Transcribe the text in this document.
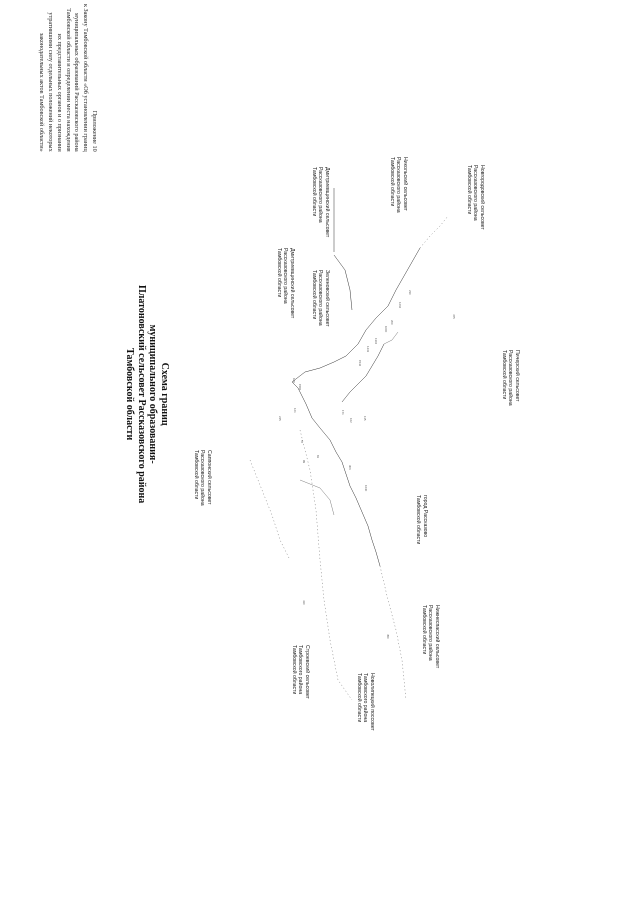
Приложение 10
к Закону Тамбовской области «Об установлении границ
муниципальных образований Рассказовского района
Тамбовской области и определении места нахождения
их представительных органов и о признании
утратившими силу отдельных положений некоторых
законодательных актов Тамбовской области»
Схема границ
муниципального образования-
Платоновский сельсовет Рассказовского района
Тамбовской области
Дмитриевщинский сельсовет
Рассказовского района
Тамбовской области
Дмитриевщинский сельсовет
Рассказовского района
Тамбовской области
Никольский сельсовет
Рассказовского района
Тамбовской области
Зеленовский сельсовет
Рассказовского района
Тамбовской области
Новгородовский сельсовет
Рассказовского района
Тамбовской области
Саппонский сельсовет
Рассказовского района
Тамбовской области
город Рассказово
Тамбовской области
Пичерский сельсовет
Рассказовского района
Тамбовской области
Строевский сельсовет
Тамбовского района
Тамбовской области
Нижнеспасский сельсовет
Рассказовского района
Тамбовской области
Новолипецкий поссовет
Тамбовского района
Тамбовской области
189
1581
121
245
171
162	115
99
81
57
1542
1431
1302
1000
200
1262
230
306
1630
410
450
475
